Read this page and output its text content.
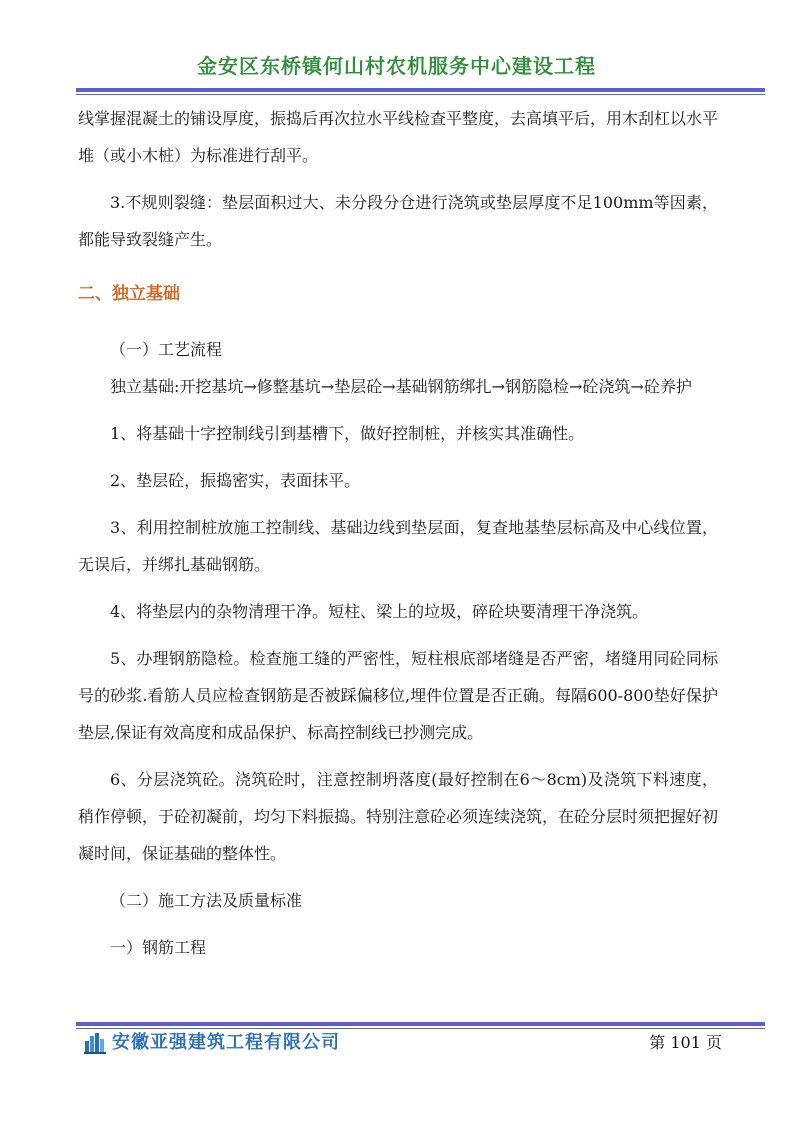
金安区东桥镇何山村农机服务中心建设工程

线掌握混凝土的铺设厚度，振捣后再次拉水平线检查平整度，去高填平后，用木刮杠以水平堆（或小木桩）为标准进行刮平。

3.不规则裂缝：垫层面积过大、未分段分仓进行浇筑或垫层厚度不足100mm等因素，都能导致裂缝产生。

二、独立基础

（一）工艺流程

独立基础:开挖基坑→修整基坑→垫层砼→基础钢筋绑扎→钢筋隐检→砼浇筑→砼养护

1、将基础十字控制线引到基槽下，做好控制桩，并核实其准确性。

2、垫层砼，振捣密实，表面抹平。

3、利用控制桩放施工控制线、基础边线到垫层面，复查地基垫层标高及中心线位置，无误后，并绑扎基础钢筋。

4、将垫层内的杂物清理干净。短柱、梁上的垃圾，碎砼块要清理干净浇筑。

5、办理钢筋隐检。检查施工缝的严密性，短柱根底部堵缝是否严密，堵缝用同砼同标号的砂浆.看筋人员应检查钢筋是否被踩偏移位,埋件位置是否正确。每隔600-800垫好保护垫层,保证有效高度和成品保护、标高控制线已抄测完成。

6、分层浇筑砼。浇筑砼时，注意控制坍落度(最好控制在6～8cm)及浇筑下料速度，稍作停顿，于砼初凝前，均匀下料振捣。特别注意砼必须连续浇筑，在砼分层时须把握好初凝时间，保证基础的整体性。

（二）施工方法及质量标准

一）钢筋工程

安徽亚强建筑工程有限公司	第 101 页
